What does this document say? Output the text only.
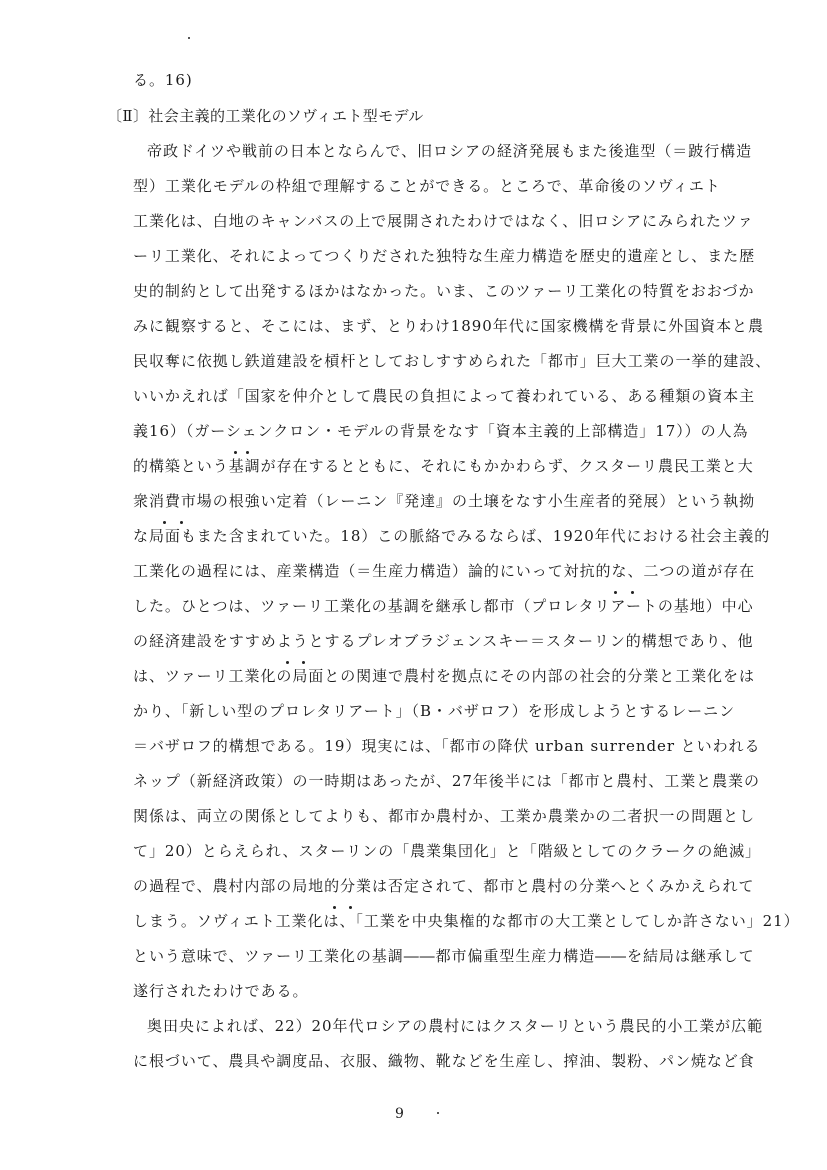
る。16)
〔Ⅱ〕社会主義的工業化のソヴィエト型モデル
帝政ドイツや戦前の日本とならんで、旧ロシアの経済発展もまた後進型（＝跛行構造
型）工業化モデルの枠組で理解することができる。ところで、革命後のソヴィエト
工業化は、白地のキャンバスの上で展開されたわけではなく、旧ロシアにみられたツァ
ーリ工業化、それによってつくりだされた独特な生産力構造を歴史的遺産とし、また歴
史的制約として出発するほかはなかった。いま、このツァーリ工業化の特質をおおづか
みに観察すると、そこには、まず、とりわけ1890年代に国家機構を背景に外国資本と農
民収奪に依拠し鉄道建設を槓杆としておしすすめられた「都市」巨大工業の一挙的建設、
いいかえれば「国家を仲介として農民の負担によって養われている、ある種類の資本主
義16）（ガーシェンクロン・モデルの背景をなす「資本主義的上部構造」17））の人為
的構築という基調が存在するとともに、それにもかかわらず、クスターリ農民工業と大
衆消費市場の根強い定着（レーニン『発達』の土壌をなす小生産者的発展）という執拗
な局面もまた含まれていた。18）この脈絡でみるならば、1920年代における社会主義的
工業化の過程には、産業構造（＝生産力構造）論的にいって対抗的な、二つの道が存在
した。ひとつは、ツァーリ工業化の基調を継承し都市（プロレタリアートの基地）中心
の経済建設をすすめようとするプレオブラジェンスキー＝スターリン的構想であり、他
は、ツァーリ工業化の局面との関連で農村を拠点にその内部の社会的分業と工業化をは
かり、「新しい型のプロレタリアート」（B・バザロフ）を形成しようとするレーニン
＝バザロフ的構想である。19）現実には、「都市の降伏 urban surrender といわれる
ネップ（新経済政策）の一時期はあったが、27年後半には「都市と農村、工業と農業の
関係は、両立の関係としてよりも、都市か農村か、工業か農業かの二者択一の問題とし
て」20）とらえられ、スターリンの「農業集団化」と「階級としてのクラークの絶滅」
の過程で、農村内部の局地的分業は否定されて、都市と農村の分業へとくみかえられて
しまう。ソヴィエト工業化は、「工業を中央集権的な都市の大工業としてしか許さない」21）
という意味で、ツァーリ工業化の基調――都市偏重型生産力構造――を結局は継承して
遂行されたわけである。
奥田央によれば、22）20年代ロシアの農村にはクスターリという農民的小工業が広範
に根づいて、農具や調度品、衣服、織物、靴などを生産し、搾油、製粉、パン焼など食
9
